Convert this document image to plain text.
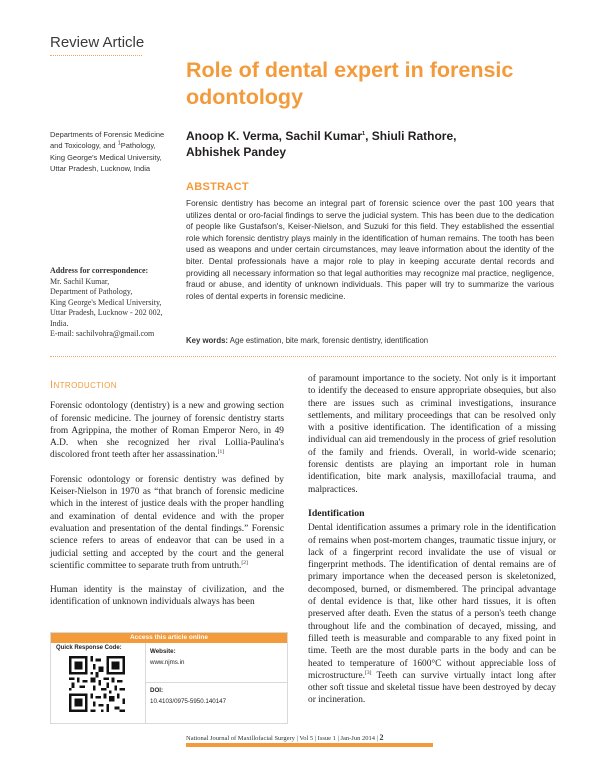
Review Article
Role of dental expert in forensic odontology
Anoop K. Verma, Sachil Kumar$^1$, Shiuli Rathore,
Abhishek Pandey
Departments of Forensic Medicine
and Toxicology, and $^1$Pathology,
King George's Medical University,
Uttar Pradesh, Lucknow, India
Address for correspondence:
Mr. Sachil Kumar,
Department of Pathology,
King George's Medical University,
Uttar Pradesh, Lucknow - 202 002,
India.
E-mail: sachilvohra@gmail.com
ABSTRACT
Forensic dentistry has become an integral part of forensic science over the past 100 years that utilizes dental or oro-facial findings to serve the judicial system. This has been due to the dedication of people like Gustafson's, Keiser-Nielson, and Suzuki for this field. They established the essential role which forensic dentistry plays mainly in the identification of human remains. The tooth has been used as weapons and under certain circumstances, may leave information about the identity of the biter. Dental professionals have a major role to play in keeping accurate dental records and providing all necessary information so that legal authorities may recognize mal practice, negligence, fraud or abuse, and identity of unknown individuals. This paper will try to summarize the various roles of dental experts in forensic medicine.
Key words: Age estimation, bite mark, forensic dentistry, identification
Introduction

Forensic odontology (dentistry) is a new and growing section of forensic medicine. The journey of forensic dentistry starts from Agrippina, the mother of Roman Emperor Nero, in 49 A.D. when she recognized her rival Lollia-Paulina's discolored front teeth after her assassination.[1]

Forensic odontology or forensic dentistry was defined by Keiser-Nielson in 1970 as “that branch of forensic medicine which in the interest of justice deals with the proper handling and examination of dental evidence and with the proper evaluation and presentation of the dental findings.” Forensic science refers to areas of endeavor that can be used in a judicial setting and accepted by the court and the general scientific committee to separate truth from untruth.[2]

Human identity is the mainstay of civilization, and the identification of unknown individuals always has been

of paramount importance to the society. Not only is it important to identify the deceased to ensure appropriate obsequies, but also there are issues such as criminal investigations, insurance settlements, and military proceedings that can be resolved only with a positive identification. The identification of a missing individual can aid tremendously in the process of grief resolution of the family and friends. Overall, in world-wide scenario; forensic dentists are playing an important role in human identification, bite mark analysis, maxillofacial trauma, and malpractices.

Identification

Dental identification assumes a primary role in the identification of remains when post-mortem changes, traumatic tissue injury, or lack of a fingerprint record invalidate the use of visual or fingerprint methods. The identification of dental remains are of primary importance when the deceased person is skeletonized, decomposed, burned, or dismembered. The principal advantage of dental evidence is that, like other hard tissues, it is often preserved after death. Even the status of a person's teeth change throughout life and the combination of decayed, missing, and filled teeth is measurable and comparable to any fixed point in time. Teeth are the most durable parts in the body and can be heated to temperature of 1600°C without appreciable loss of microstructure.[3] Teeth can survive virtually intact long after other soft tissue and skeletal tissue have been destroyed by decay or incineration.

Access this article online
Quick Response Code:	Website:
www.njms.in
DOI:
10.4103/0975-5950.140147
National Journal of Maxillofacial Surgery | Vol 5 | Issue 1 | Jan-Jun 2014 | 2
